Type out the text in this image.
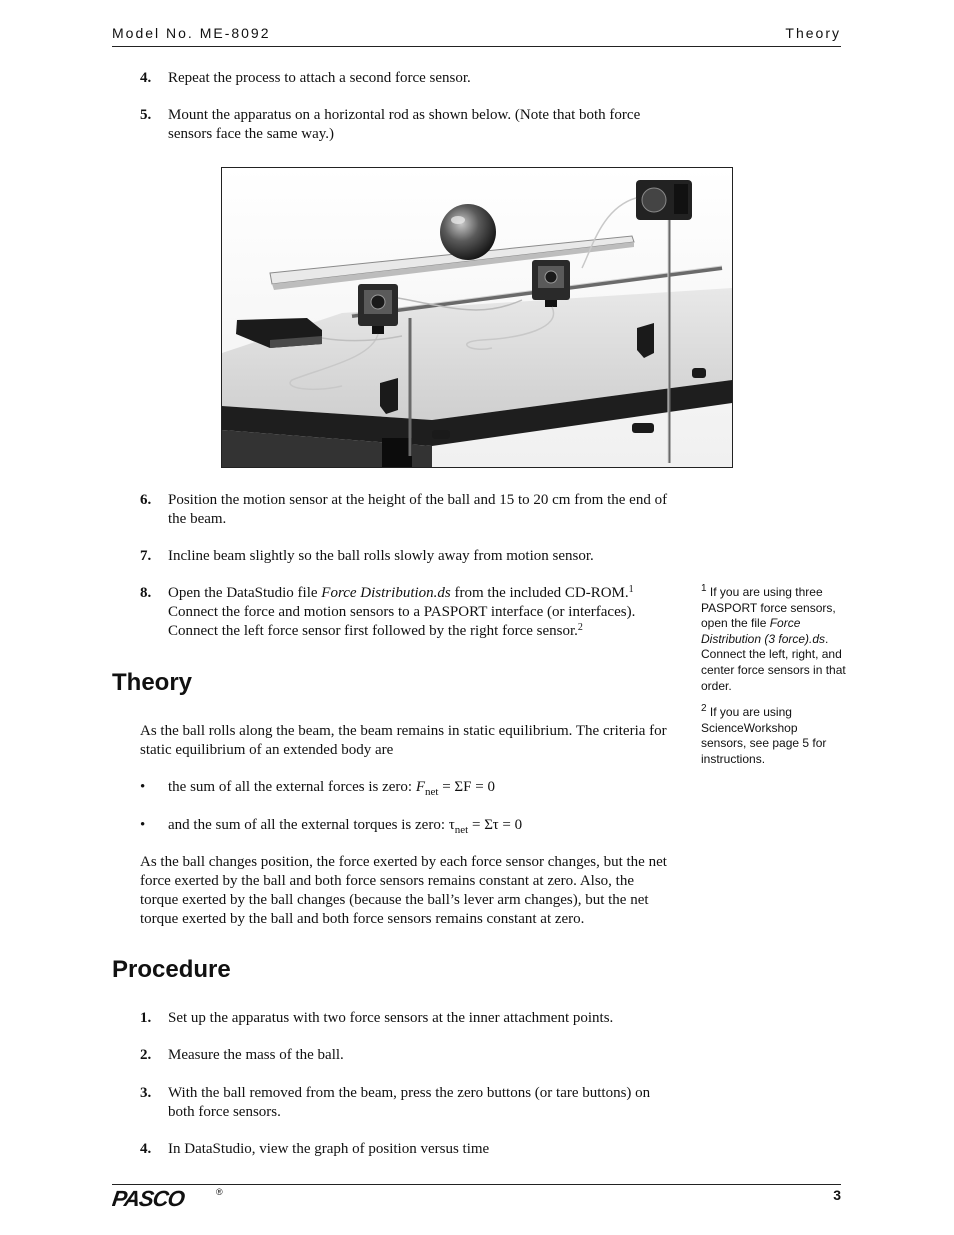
Model No. ME-8092	Theory
4. Repeat the process to attach a second force sensor.
5. Mount the apparatus on a horizontal rod as shown below. (Note that both force sensors face the same way.)
6. Position the motion sensor at the height of the ball and 15 to 20 cm from the end of the beam.
7. Incline beam slightly so the ball rolls slowly away from motion sensor.
8. Open the DataStudio file Force Distribution.ds from the included CD-ROM.$^1$ Connect the force and motion sensors to a PASPORT interface (or interfaces). Connect the left force sensor first followed by the right force sensor.$^2$
Theory
As the ball rolls along the beam, the beam remains in static equilibrium. The criteria for static equilibrium of an extended body are
• the sum of all the external forces is zero: $F_{net} = \Sigma F = 0$
• and the sum of all the external torques is zero: $\tau_{net} = \Sigma\tau = 0$
As the ball changes position, the force exerted by each force sensor changes, but the net force exerted by the ball and both force sensors remains constant at zero. Also, the torque exerted by the ball changes (because the ball’s lever arm changes), but the net torque exerted by the ball and both force sensors remains constant at zero.
Procedure
1. Set up the apparatus with two force sensors at the inner attachment points.
2. Measure the mass of the ball.
3. With the ball removed from the beam, press the zero buttons (or tare buttons) on both force sensors.
4. In DataStudio, view the graph of position versus time
$^1$ If you are using three PASPORT force sensors, open the file Force Distribution (3 force).ds. Connect the left, right, and center force sensors in that order.
$^2$ If you are using ScienceWorkshop sensors, see page 5 for instructions.
PASCO	®	3
